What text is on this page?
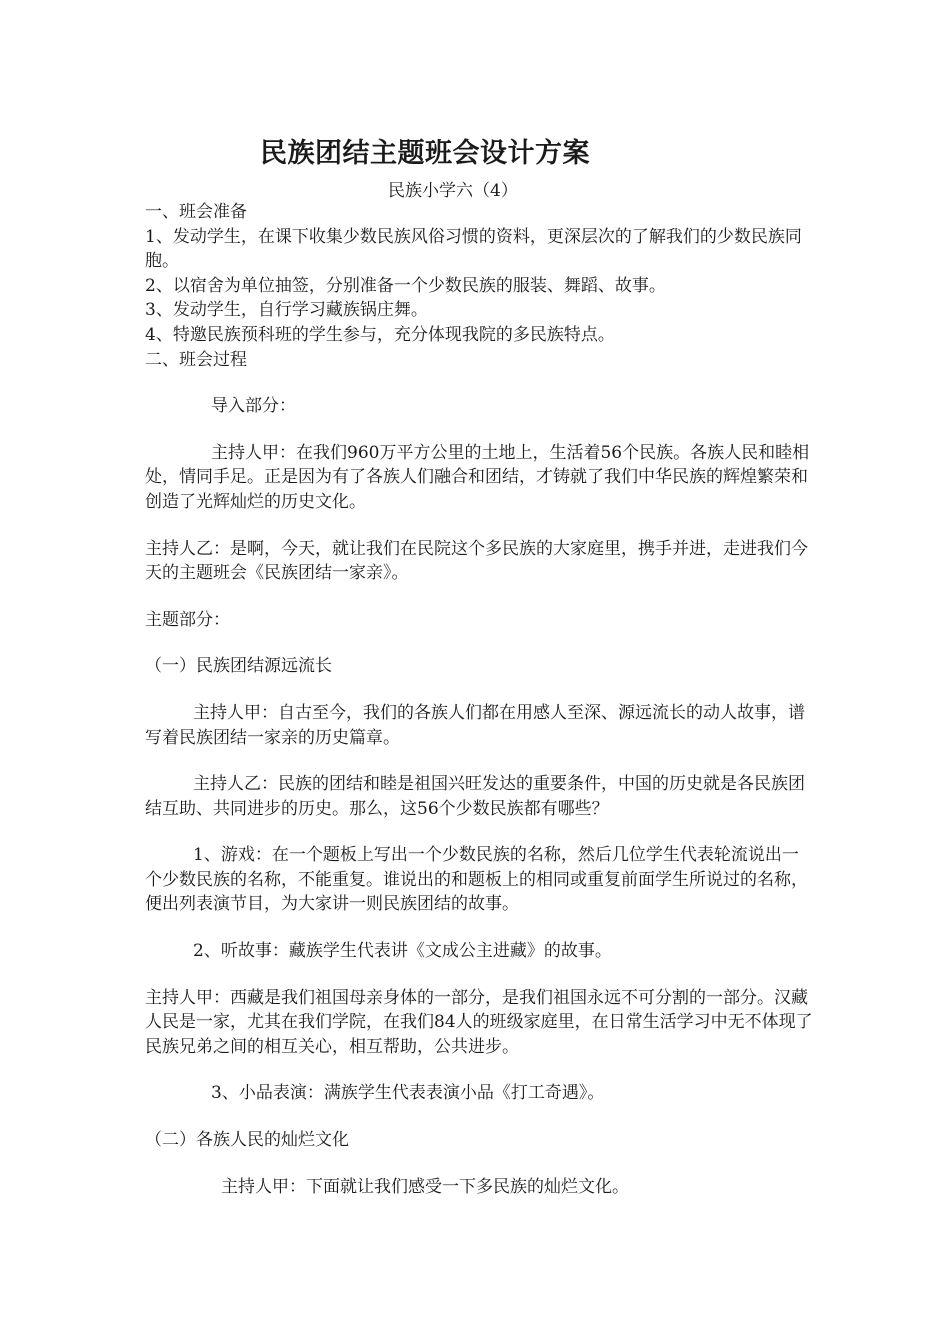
民族团结主题班会设计方案
民族小学六（4）

一、班会准备

1、发动学生，在课下收集少数民族风俗习惯的资料，更深层次的了解我们的少数民族同胞。

2、以宿舍为单位抽签，分别准备一个少数民族的服装、舞蹈、故事。

3、发动学生，自行学习藏族锅庄舞。

4、特邀民族预科班的学生参与，充分体现我院的多民族特点。

二、班会过程

导入部分：

主持人甲：在我们960万平方公里的土地上，生活着56个民族。各族人民和睦相处，情同手足。正是因为有了各族人们融合和团结，才铸就了我们中华民族的辉煌繁荣和创造了光辉灿烂的历史文化。

主持人乙：是啊，今天，就让我们在民院这个多民族的大家庭里，携手并进，走进我们今天的主题班会《民族团结一家亲》。

主题部分：

（一）民族团结源远流长

主持人甲：自古至今，我们的各族人们都在用感人至深、源远流长的动人故事，谱写着民族团结一家亲的历史篇章。

主持人乙：民族的团结和睦是祖国兴旺发达的重要条件，中国的历史就是各民族团结互助、共同进步的历史。那么，这56个少数民族都有哪些？

1、游戏：在一个题板上写出一个少数民族的名称，然后几位学生代表轮流说出一个少数民族的名称，不能重复。谁说出的和题板上的相同或重复前面学生所说过的名称，便出列表演节目，为大家讲一则民族团结的故事。

2、听故事：藏族学生代表讲《文成公主进藏》的故事。

主持人甲：西藏是我们祖国母亲身体的一部分，是我们祖国永远不可分割的一部分。汉藏人民是一家，尤其在我们学院，在我们84人的班级家庭里，在日常生活学习中无不体现了民族兄弟之间的相互关心，相互帮助，公共进步。

3、小品表演：满族学生代表表演小品《打工奇遇》。

（二）各族人民的灿烂文化

主持人甲：下面就让我们感受一下多民族的灿烂文化。
